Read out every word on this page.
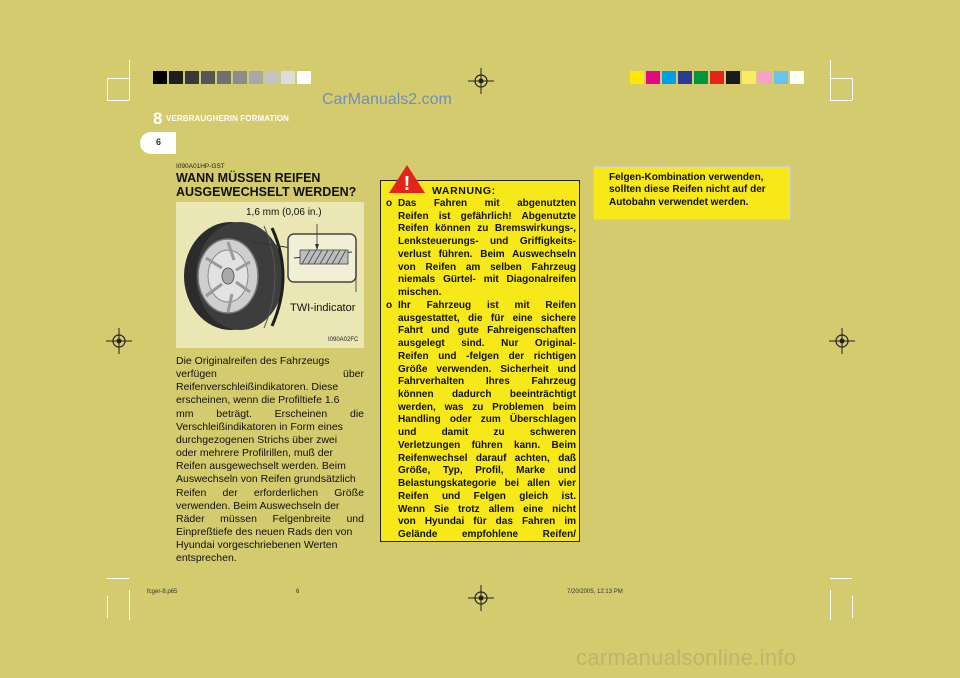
CarManuals2.com
8 VERBRAUGHERIN FORMATION
6
I090A01HP-GST
WANN MÜSSEN REIFEN
AUSGEWECHSELT WERDEN?
1,6 mm (0,06 in.)
TWI-indicator
I090A02FC
Die Originalreifen des Fahrzeugs
verfügen	über
Reifenverschleißindikatoren. Diese
erscheinen, wenn die Profiltiefe 1.6
mm beträgt. Erscheinen die
Verschleißindikatoren in Form eines
durchgezogenen Strichs über zwei
oder mehrere Profilrillen, muß der
Reifen ausgewechselt werden. Beim
Auswechseln von Reifen grundsätzlich
Reifen der erforderlichen Größe
verwenden. Beim Auswechseln der
Räder müssen Felgenbreite und
Einpreßtiefe des neuen Rads den von
Hyundai vorgeschriebenen Werten
entsprechen.
! WARNUNG:
o Das Fahren mit abgenutzten
Reifen ist gefährlich! Abgenutzte
Reifen können zu Bremswirkungs-,
Lenksteuerungs- und Griffigkeits-
verlust führen. Beim Auswechseln
von Reifen am selben Fahrzeug
niemals Gürtel- mit Diagonalreifen
mischen.
o Ihr Fahrzeug ist mit Reifen
ausgestattet, die für eine sichere
Fahrt und gute Fahreigenschaften
ausgelegt sind. Nur Original-
Reifen und -felgen der richtigen
Größe verwenden. Sicherheit und
Fahrverhalten Ihres Fahrzeug
können dadurch beeinträchtigt
werden, was zu Problemen beim
Handling oder zum Überschlagen
und damit zu schweren
Verletzungen führen kann. Beim
Reifenwechsel darauf achten, daß
Größe, Typ, Profil, Marke und
Belastungskategorie bei allen vier
Reifen und Felgen gleich ist.
Wenn Sie trotz allem eine nicht
von Hyundai für das Fahren im
Gelände empfohlene Reifen/
Felgen-Kombination verwenden,
sollten diese Reifen nicht auf der
Autobahn verwendet werden.
fcger-8.p65	6	7/20/2005, 12:13 PM
carmanualsonline.info
